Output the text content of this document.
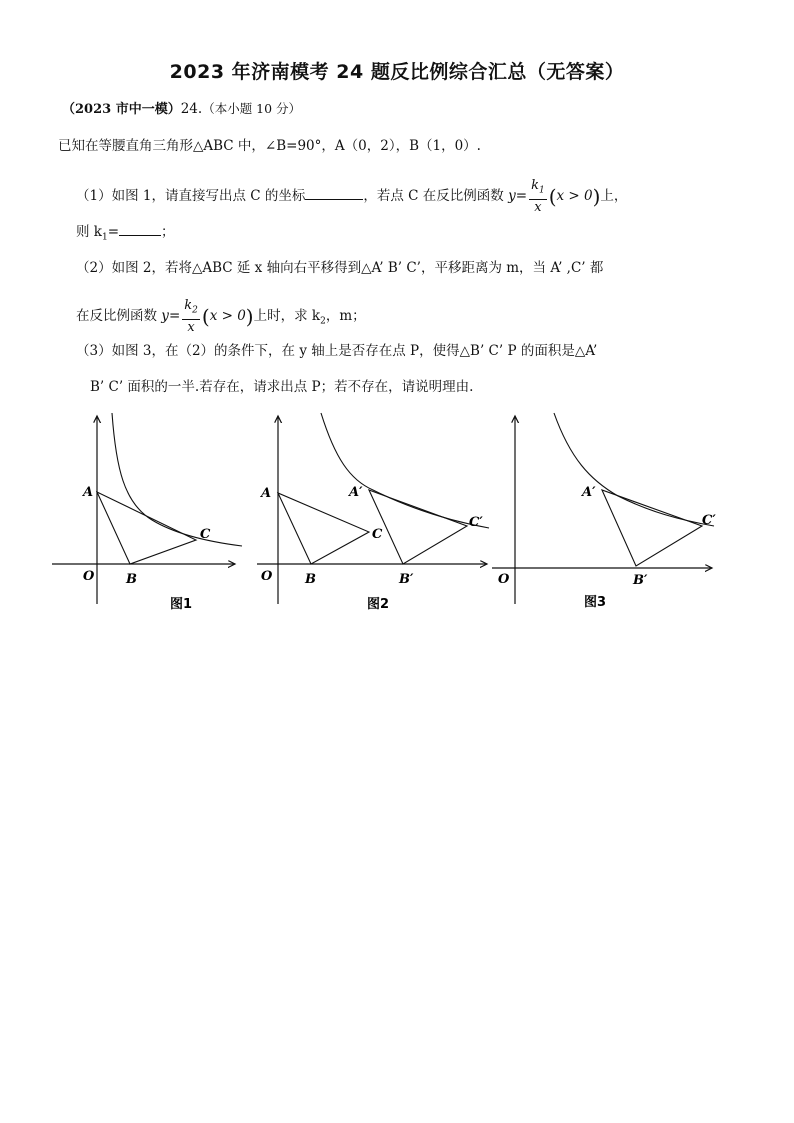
2023 年济南模考 24 题反比例综合汇总（无答案）
（2023 市中一模）24.（本小题 10 分）
已知在等腰直角三角形△ABC 中，∠B=90°，A（0，2），B（1，0）.
（1）如图 1，请直接写出点 C 的坐标	，若点 C 在反比例函数 $y= \frac{k_1}{x} (x > 0)$上，
则 $k_1=$	；
（2）如图 2，若将△ABC 延 x 轴向右平移得到△A’ B’ C’，平移距离为 m，当 A’ ,C’ 都
在反比例函数 $y= \frac{k_2}{x} (x > 0)$上时，求 $k_2$，m；
（3）如图 3，在（2）的条件下，在 y 轴上是否存在点 P，使得△B’ C’ P 的面积是△A’
B’ C’ 面积的一半.若存在，请求出点 P；若不存在，请说明理由.
A
B
C
O
图1
A
B
C
O
A′
B′
C′
图2
O
A′
B′
C′
图3
